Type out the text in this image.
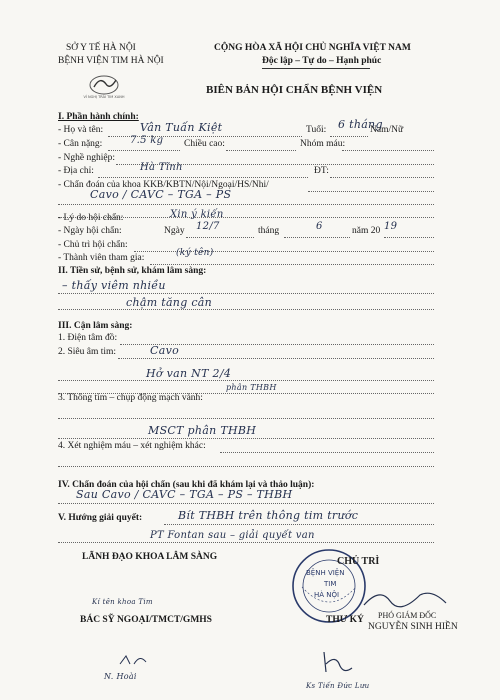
SỞ Y TẾ HÀ NỘI
BỆNH VIỆN TIM HÀ NỘI
VÌ NGHỊ TRÁI TIM XANH
CỘNG HÒA XÃ HỘI CHỦ NGHĨA VIỆT NAM
Độc lập – Tự do – Hạnh phúc
BIÊN BẢN HỘI CHẨN BỆNH VIỆN
I. Phần hành chính:
- Họ và tên:	Vân Tuấn Kiệt	Tuổi: 6 tháng
Nam/Nữ
- Cân nặng:	7.5 kg Chiều cao:	Nhóm máu:
- Nghề nghiệp:
- Địa chỉ:	Hà Tĩnh	ĐT:
- Chẩn đoán của khoa KKB/KBTN/Nội/Ngoại/HS/Nhi/
Cavo / CAVC – TGA – PS
- Lý do hội chẩn:	Xin ý kiến
- Ngày hội chẩn:	Ngày 12/7	tháng	6	năm 20 19
- Chủ trì hội chẩn:
- Thành viên tham gia:	(ký tên)
II. Tiền sử, bệnh sử, khám lâm sàng:
– thấy viêm nhiều
chậm tăng cân
III. Cận lâm sàng:
1. Điện tâm đồ:
2. Siêu âm tim:	Cavo
Hở van NT 2/4
phân THBH
3. Thông tim – chụp động mạch vành:
MSCT phân THBH
4. Xét nghiệm máu – xét nghiệm khác:
IV. Chẩn đoán của hội chẩn (sau khi đã khám lại và thảo luận):
Sau Cavo / CAVC – TGA – PS – THBH
V. Hướng giải quyết:	Bít THBH trên thông tim trước
PT Fontan sau – giải quyết van
LÃNH ĐẠO KHOA LÂM SÀNG
Kí tên khoa Tim
CHỦ TRÌ
BỆNH VIỆN
TIM
HÀ NỘI
PHÓ GIÁM ĐỐC
NGUYỄN SINH HIỀN
BÁC SỸ NGOẠI/TMCT/GMHS	THƯ KÝ
N. Hoài
Ks Tiến Đức Lưu
